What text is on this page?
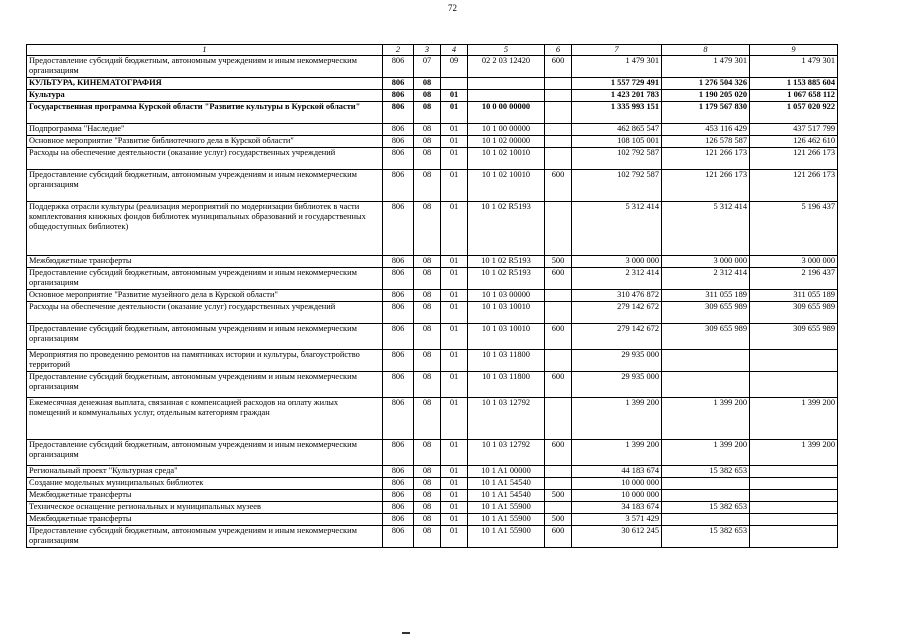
72
1	2	3	4	5	6	7	8	9
Предоставление субсидий бюджетным, автономным учреждениям и иным некоммерческим организациям	806	07	09	02 2 03 12420	600	1 479 301	1 479 301	1 479 301
КУЛЬТУРА, КИНЕМАТОГРАФИЯ	806	08				1 557 729 491	1 276 504 326	1 153 885 604
Культура	806	08	01			1 423 201 783	1 190 205 020	1 067 658 112
Государственная программа Курской области "Развитие культуры в Курской области"	806	08	01	10 0 00 00000		1 335 993 151	1 179 567 830	1 057 020 922
Подпрограмма "Наследие"	806	08	01	10 1 00 00000		462 865 547	453 116 429	437 517 799
Основное мероприятие "Развитие библиотечного дела в Курской области"	806	08	01	10 1 02 00000		108 105 001	126 578 587	126 462 610
Расходы на обеспечение деятельности (оказание услуг) государственных учреждений	806	08	01	10 1 02 10010		102 792 587	121 266 173	121 266 173
Предоставление субсидий бюджетным, автономным учреждениям и иным некоммерческим организациям	806	08	01	10 1 02 10010	600	102 792 587	121 266 173	121 266 173
Поддержка отрасли культуры (реализация мероприятий по модернизации библиотек в части комплектования книжных фондов библиотек муниципальных образований и государственных общедоступных библиотек)	806	08	01	10 1 02 R5193		5 312 414	5 312 414	5 196 437
Межбюджетные трансферты	806	08	01	10 1 02 R5193	500	3 000 000	3 000 000	3 000 000
Предоставление субсидий бюджетным, автономным учреждениям и иным некоммерческим организациям	806	08	01	10 1 02 R5193	600	2 312 414	2 312 414	2 196 437
Основное мероприятие "Развитие музейного дела в Курской области"	806	08	01	10 1 03 00000		310 476 872	311 055 189	311 055 189
Расходы на обеспечение деятельности (оказание услуг) государственных учреждений	806	08	01	10 1 03 10010		279 142 672	309 655 989	309 655 989
Предоставление субсидий бюджетным, автономным учреждениям и иным некоммерческим организациям	806	08	01	10 1 03 10010	600	279 142 672	309 655 989	309 655 989
Мероприятия по проведению ремонтов на памятниках истории и культуры, благоустройство территорий	806	08	01	10 1 03 11800		29 935 000		
Предоставление субсидий бюджетным, автономным учреждениям и иным некоммерческим организациям	806	08	01	10 1 03 11800	600	29 935 000		
Ежемесячная денежная выплата, связанная с компенсацией расходов на оплату жилых помещений и коммунальных услуг, отдельным категориям граждан	806	08	01	10 1 03 12792		1 399 200	1 399 200	1 399 200
Предоставление субсидий бюджетным, автономным учреждениям и иным некоммерческим организациям	806	08	01	10 1 03 12792	600	1 399 200	1 399 200	1 399 200
Региональный проект "Культурная среда"	806	08	01	10 1 A1 00000		44 183 674	15 382 653	
Создание модельных муниципальных библиотек	806	08	01	10 1 A1 54540		10 000 000		
Межбюджетные трансферты	806	08	01	10 1 A1 54540	500	10 000 000		
Техническое оснащение региональных и муниципальных музеев	806	08	01	10 1 A1 55900		34 183 674	15 382 653	
Межбюджетные трансферты	806	08	01	10 1 A1 55900	500	3 571 429		
Предоставление субсидий бюджетным, автономным учреждениям и иным некоммерческим организациям	806	08	01	10 1 A1 55900	600	30 612 245	15 382 653	
